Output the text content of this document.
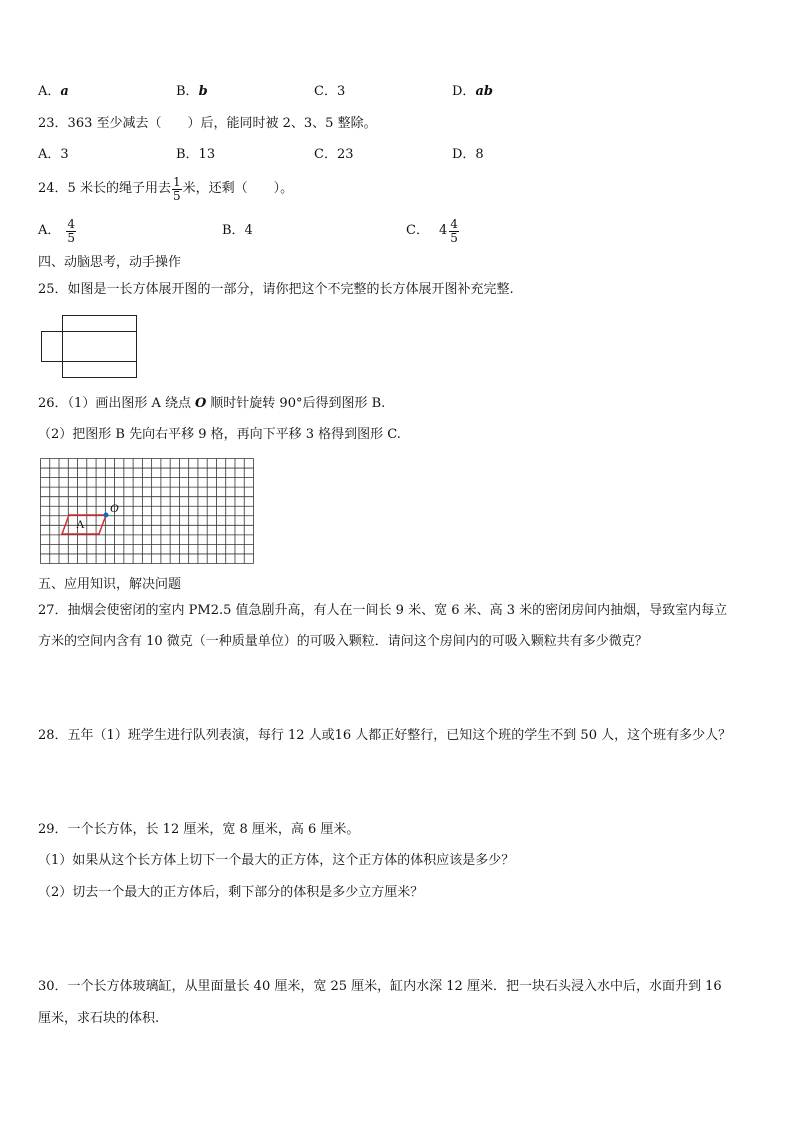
A．a	B．b	C．3	D．ab
23．363 至少减去（　　）后，能同时被 2、3、5 整除。
A．3	B．13	C．23	D．8
24．5 米长的绳子用去 $\frac{1}{5}$ 米，还剩（　　）。
A． $\frac{4}{5}$	B．4	C． $4 \frac{4}{5}$
四、动脑思考，动手操作
25．如图是一长方体展开图的一部分，请你把这个不完整的长方体展开图补充完整.
26．（1）画出图形 A 绕点 O 顺时针旋转 90°后得到图形 B.
（2）把图形 B 先向右平移 9 格，再向下平移 3 格得到图形 C.
A
O
五、应用知识，解决问题
27．抽烟会使密闭的室内 PM2.5 值急剧升高，有人在一间长 9 米、宽 6 米、高 3 米的密闭房间内抽烟，导致室内每立
方米的空间内含有 10 微克（一种质量单位）的可吸入颗粒．请问这个房间内的可吸入颗粒共有多少微克？
28．五年（1）班学生进行队列表演，每行 12 人或16 人都正好整行，已知这个班的学生不到 50 人，这个班有多少人？
29．一个长方体，长 12 厘米，宽 8 厘米，高 6 厘米。
（1）如果从这个长方体上切下一个最大的正方体，这个正方体的体积应该是多少？
（2）切去一个最大的正方体后，剩下部分的体积是多少立方厘米？
30．一个长方体玻璃缸，从里面量长 40 厘米，宽 25 厘米，缸内水深 12 厘米．把一块石头浸入水中后，水面升到 16
厘米，求石块的体积.
